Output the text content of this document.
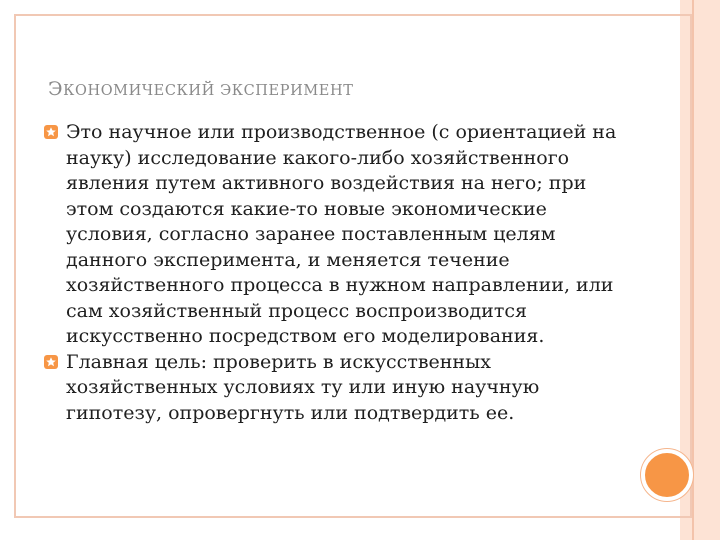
ЭКОНОМИЧЕСКИЙ ЭКСПЕРИМЕНТ
Это научное или производственное (с ориентацией на науку) исследование какого-либо хозяйственного явления путем активного воздействия на него; при этом создаются какие-то новые экономические условия, согласно заранее поставленным целям данного эксперимента, и меняется течение хозяйственного процесса в нужном направлении, или сам хозяйственный процесс воспроизводится искусственно посредством его моделирования.
Главная цель: проверить в искусственных хозяйственных условиях ту или иную научную гипотезу, опровергнуть или подтвердить ее.
